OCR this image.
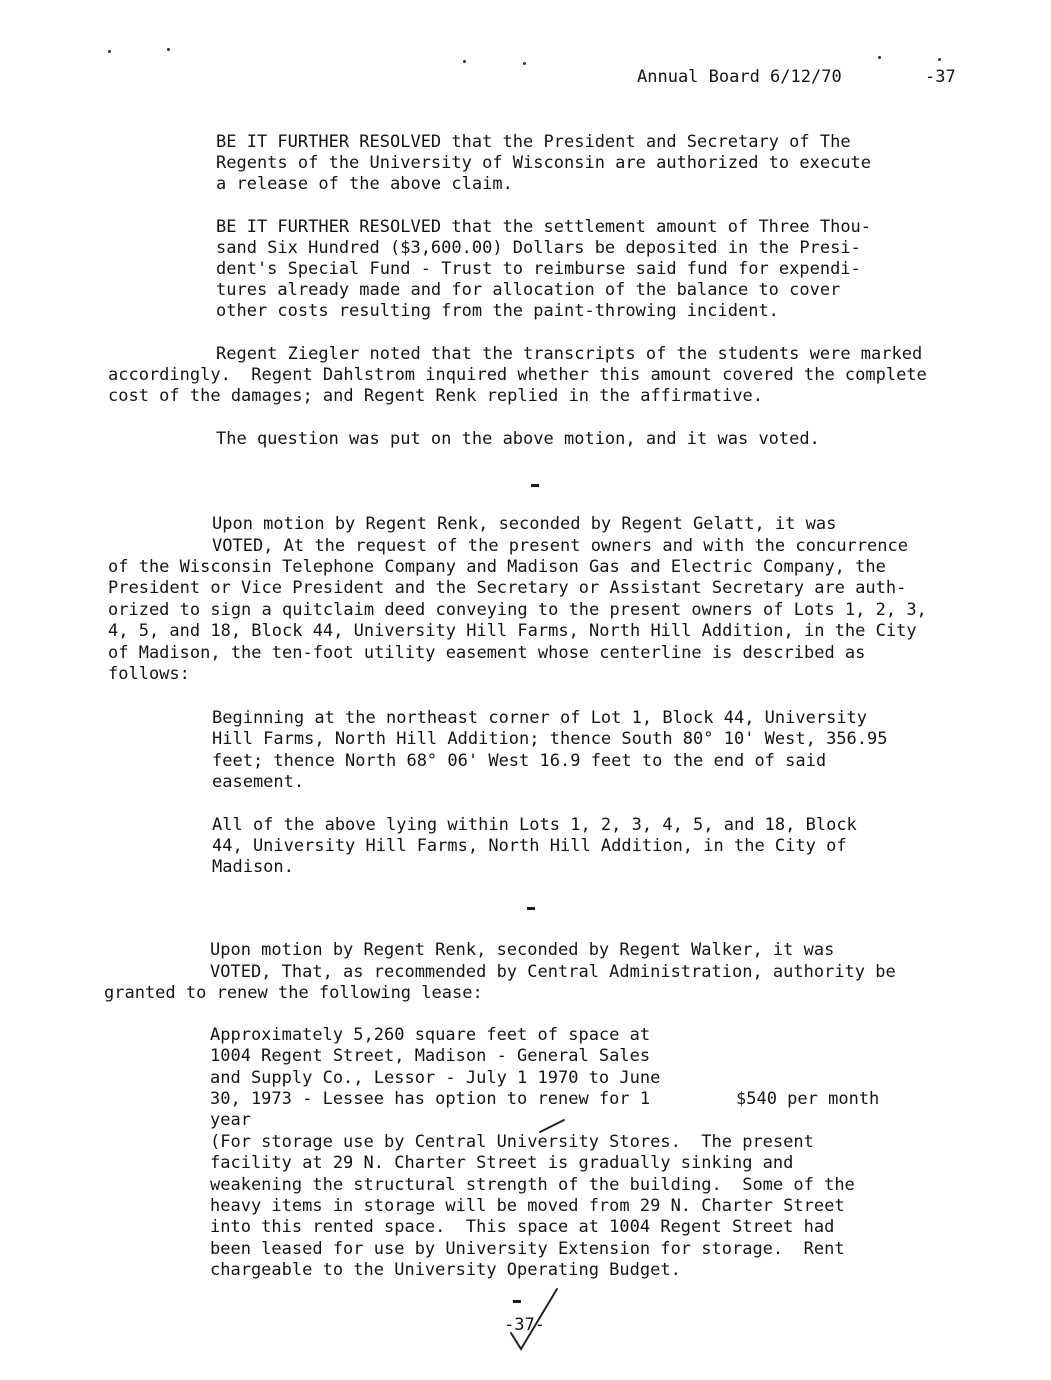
Annual Board 6/12/70	-37

BE IT FURTHER RESOLVED that the President and Secretary of The

Regents of the University of Wisconsin are authorized to execute

a release of the above claim.

BE IT FURTHER RESOLVED that the settlement amount of Three Thou-

sand Six Hundred ($3,600.00) Dollars be deposited in the Presi-

dent's Special Fund - Trust to reimburse said fund for expendi-

tures already made and for allocation of the balance to cover

other costs resulting from the paint-throwing incident.

Regent Ziegler noted that the transcripts of the students were marked

accordingly.  Regent Dahlstrom inquired whether this amount covered the complete

cost of the damages; and Regent Renk replied in the affirmative.

The question was put on the above motion, and it was voted.

Upon motion by Regent Renk, seconded by Regent Gelatt, it was

VOTED, At the request of the present owners and with the concurrence

of the Wisconsin Telephone Company and Madison Gas and Electric Company, the

President or Vice President and the Secretary or Assistant Secretary are auth-

orized to sign a quitclaim deed conveying to the present owners of Lots 1, 2, 3,

4, 5, and 18, Block 44, University Hill Farms, North Hill Addition, in the City

of Madison, the ten-foot utility easement whose centerline is described as

follows:

Beginning at the northeast corner of Lot 1, Block 44, University

Hill Farms, North Hill Addition; thence South 80° 10' West, 356.95

feet; thence North 68° 06' West 16.9 feet to the end of said

easement.

All of the above lying within Lots 1, 2, 3, 4, 5, and 18, Block

44, University Hill Farms, North Hill Addition, in the City of

Madison.

Upon motion by Regent Renk, seconded by Regent Walker, it was

VOTED, That, as recommended by Central Administration, authority be

granted to renew the following lease:

Approximately 5,260 square feet of space at

1004 Regent Street, Madison - General Sales

and Supply Co., Lessor - July 1 1970 to June

30, 1973 - Lessee has option to renew for 1

year

$540 per month

(For storage use by Central University Stores.  The present

facility at 29 N. Charter Street is gradually sinking and

weakening the structural strength of the building.  Some of the

heavy items in storage will be moved from 29 N. Charter Street

into this rented space.  This space at 1004 Regent Street had

been leased for use by University Extension for storage.  Rent

chargeable to the University Operating Budget.

-37-
